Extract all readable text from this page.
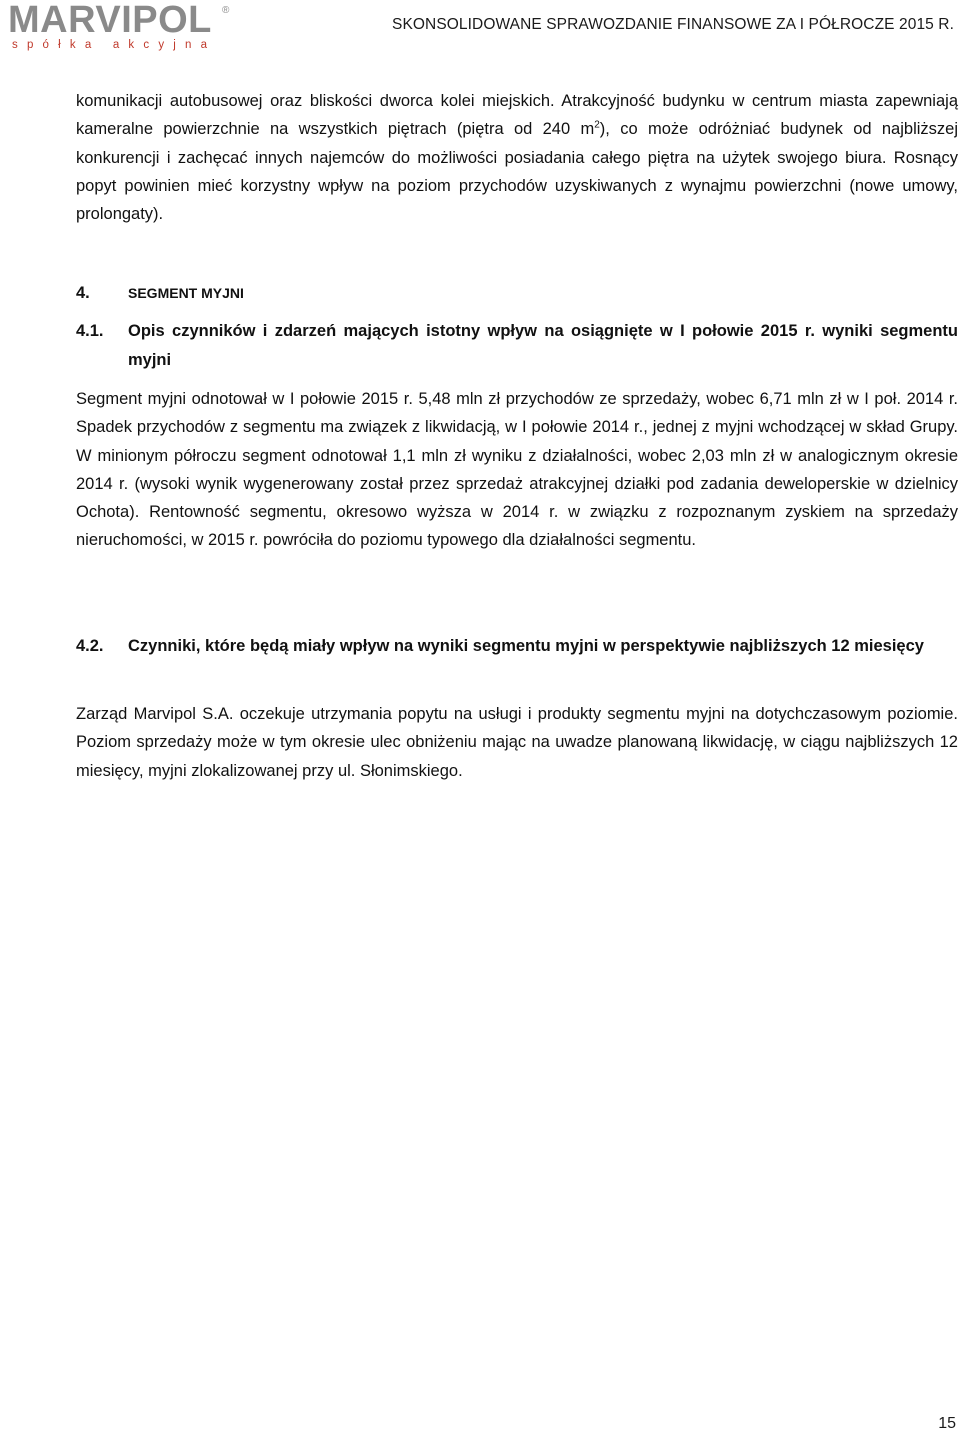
MARVIPOL ®
spółka akcyjna
SKONSOLIDOWANE SPRAWOZDANIE FINANSOWE ZA I PÓŁROCZE 2015 R.

komunikacji autobusowej oraz bliskości dworca kolei miejskich. Atrakcyjność budynku w centrum miasta zapewniają kameralne powierzchnie na wszystkich piętrach (piętra od 240 $m^2$), co może odróżniać budynek od najbliższej konkurencji i zachęcać innych najemców do możliwości posiadania całego piętra na użytek swojego biura. Rosnący popyt powinien mieć korzystny wpływ na poziom przychodów uzyskiwanych z wynajmu powierzchni (nowe umowy, prolongaty).

4.	SEGMENT MYJNI
4.1.	Opis czynników i zdarzeń mających istotny wpływ na osiągnięte w I połowie 2015 r. wyniki segmentu myjni

Segment myjni odnotował w I połowie 2015 r. 5,48 mln zł przychodów ze sprzedaży, wobec 6,71 mln zł w I poł. 2014 r. Spadek przychodów z segmentu ma związek z likwidacją, w I połowie 2014 r., jednej z myjni wchodzącej w skład Grupy. W minionym półroczu segment odnotował 1,1 mln zł wyniku z działalności, wobec 2,03 mln zł w analogicznym okresie 2014 r. (wysoki wynik wygenerowany został przez sprzedaż atrakcyjnej działki pod zadania deweloperskie w dzielnicy Ochota). Rentowność segmentu, okresowo wyższa w 2014 r. w związku z rozpoznanym zyskiem na sprzedaży nieruchomości, w 2015 r. powróciła do poziomu typowego dla działalności segmentu.

4.2.	Czynniki, które będą miały wpływ na wyniki segmentu myjni w perspektywie najbliższych 12 miesięcy

Zarząd Marvipol S.A. oczekuje utrzymania popytu na usługi i produkty segmentu myjni na dotychczasowym poziomie. Poziom sprzedaży może w tym okresie ulec obniżeniu mając na uwadze planowaną likwidację, w ciągu najbliższych 12 miesięcy, myjni zlokalizowanej przy ul. Słonimskiego.

15
